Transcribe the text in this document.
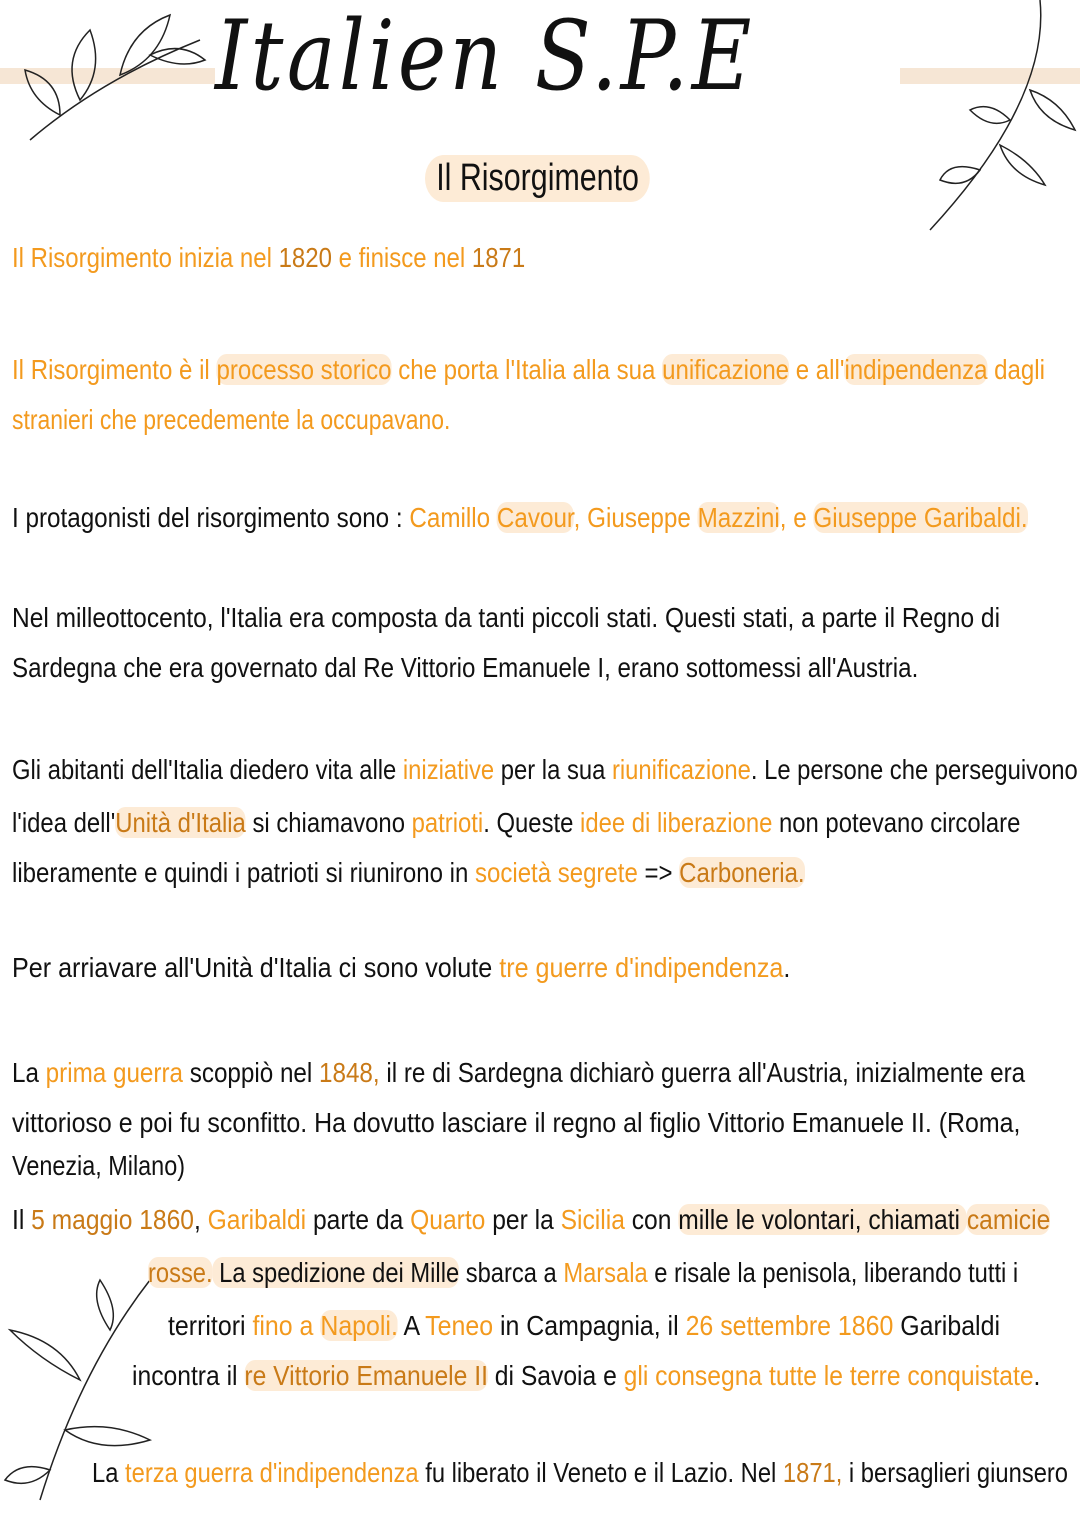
Italien S.P.E
Il Risorgimento
Il Risorgimento inizia nel 1820 e finisce nel 1871
Il Risorgimento è il processo storico che porta l'Italia alla sua unificazione e all'indipendenza dagli
stranieri che precedemente la occupavano.
I protagonisti del risorgimento sono : Camillo Cavour, Giuseppe Mazzini, e Giuseppe Garibaldi.
Nel milleottocento, l'Italia era composta da tanti piccoli stati. Questi stati, a parte il Regno di
Sardegna che era governato dal Re Vittorio Emanuele I, erano sottomessi all'Austria.
Gli abitanti dell'Italia diedero vita alle iniziative per la sua riunificazione. Le persone che perseguivono
l'idea dell'Unità d'Italia si chiamavono patrioti. Queste idee di liberazione non potevano circolare
liberamente e quindi i patrioti si riunirono in società segrete => Carboneria.
Per arriavare all'Unità d'Italia ci sono volute tre guerre d'indipendenza.
La prima guerra scoppiò nel 1848, il re di Sardegna dichiarò guerra all'Austria, inizialmente era
vittorioso e poi fu sconfitto. Ha dovutto lasciare il regno al figlio Vittorio Emanuele II. (Roma,
Venezia, Milano)
Il 5 maggio 1860, Garibaldi parte da Quarto per la Sicilia con mille le volontari, chiamati camicie
rosse. La spedizione dei Mille sbarca a Marsala e risale la penisola, liberando tutti i
territori fino a Napoli. A Teneo in Campagnia, il 26 settembre 1860 Garibaldi
incontra il re Vittorio Emanuele II di Savoia e gli consegna tutte le terre conquistate.
La terza guerra d'indipendenza fu liberato il Veneto e il Lazio. Nel 1871, i bersaglieri giunsero
